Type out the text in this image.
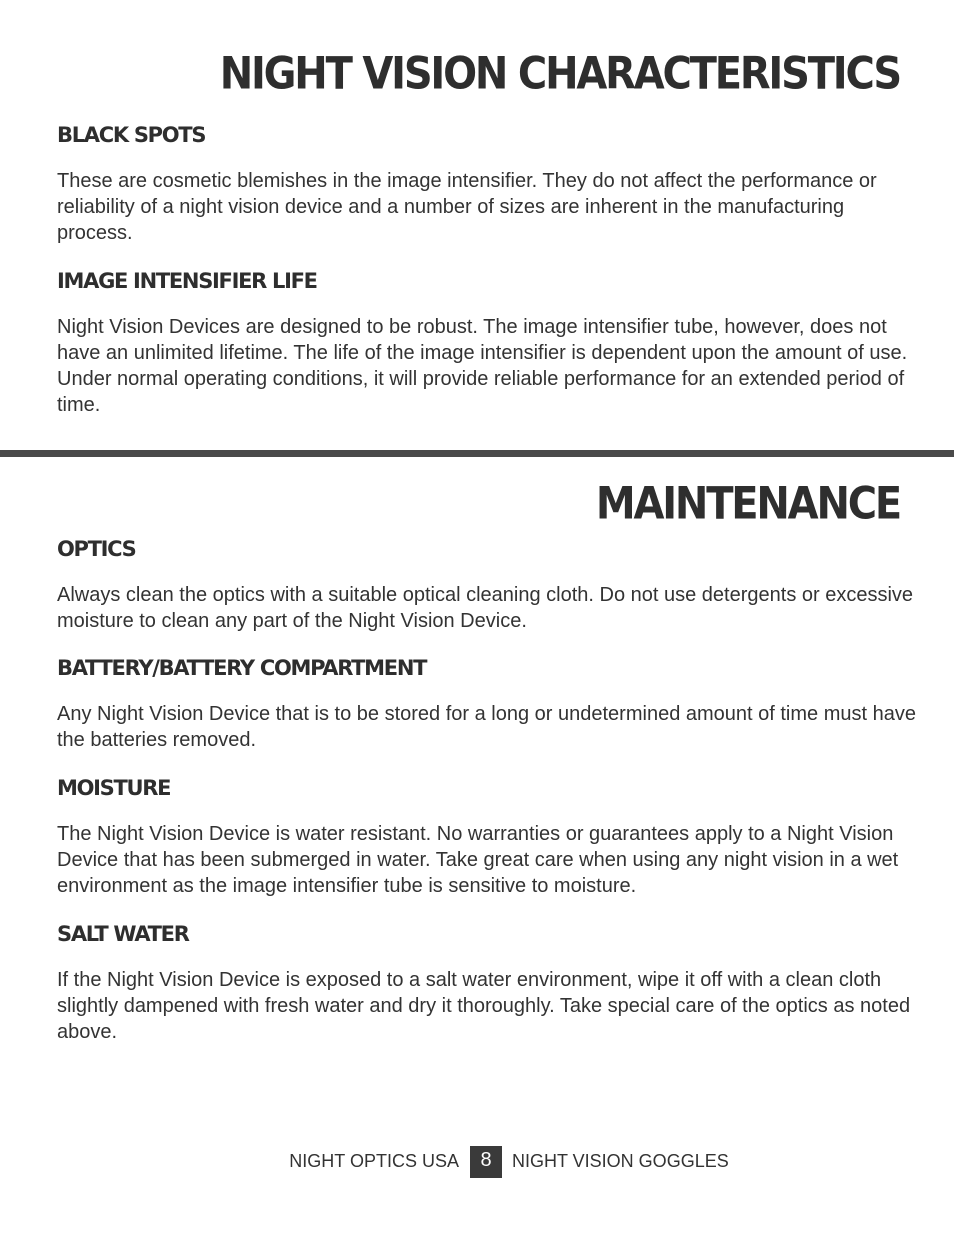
NIGHT VISION CHARACTERISTICS
BLACK SPOTS

These are cosmetic blemishes in the image intensifier. They do not affect the performance or reliability of a night vision device and a number of sizes are inherent in the manufacturing process.

IMAGE INTENSIFIER LIFE

Night Vision Devices are designed to be robust. The image intensifier tube, however, does not have an unlimited lifetime. The life of the image intensifier is dependent upon the amount of use. Under normal operating conditions, it will provide reliable performance for an extended period of time.

MAINTENANCE
OPTICS

Always clean the optics with a suitable optical cleaning cloth. Do not use detergents or excessive moisture to clean any part of the Night Vision Device.

BATTERY/BATTERY COMPARTMENT

Any Night Vision Device that is to be stored for a long or undetermined amount of time must have the batteries removed.

MOISTURE

The Night Vision Device is water resistant. No warranties or guarantees apply to a Night Vision Device that has been submerged in water. Take great care when using any night vision in a wet environment as the image intensifier tube is sensitive to moisture.

SALT WATER

If the Night Vision Device is exposed to a salt water environment, wipe it off with a clean cloth slightly dampened with fresh water and dry it thoroughly. Take special care of the optics as noted above.

NIGHT OPTICS USA	8	NIGHT VISION GOGGLES
